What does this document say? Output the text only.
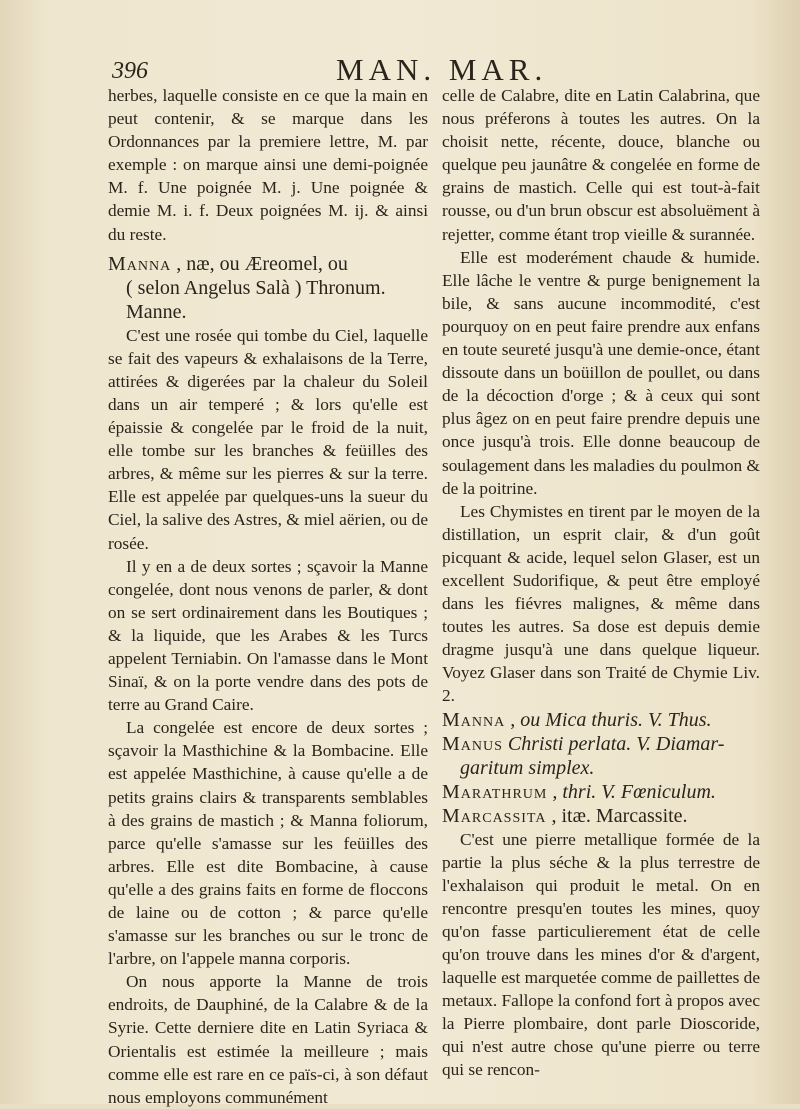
396	MAN. MAR.

herbes, laquelle consiste en ce que la main en peut contenir, & se marque dans les Ordonnances par la premiere lettre, M. par exemple : on marque ainsi une demi-poignée M. f. Une poignée M. j. Une poignée & demie M. i. f. Deux poignées M. ij. & ainsi du reste.

Manna , næ, ou Æreomel, ou

( selon Angelus Salà ) Thronum.

Manne.

C'est une rosée qui tombe du Ciel, laquelle se fait des vapeurs & exhalaisons de la Terre, attirées & digerées par la chaleur du Soleil dans un air temperé ; & lors qu'elle est épaissie & congelée par le froid de la nuit, elle tombe sur les branches & feüilles des arbres, & même sur les pierres & sur la terre. Elle est appelée par quelques-uns la sueur du Ciel, la salive des Astres, & miel aërien, ou de rosée.

Il y en a de deux sortes ; sçavoir la Manne congelée, dont nous venons de parler, & dont on se sert ordinairement dans les Boutiques ; & la liquide, que les Arabes & les Turcs appelent Terniabin. On l'amasse dans le Mont Sinaï, & on la porte vendre dans des pots de terre au Grand Caire.

La congelée est encore de deux sortes ; sçavoir la Masthichine & la Bombacine. Elle est appelée Masthichine, à cause qu'elle a de petits grains clairs & transparents semblables à des grains de mastich ; & Manna foliorum, parce qu'elle s'amasse sur les feüilles des arbres. Elle est dite Bombacine, à cause qu'elle a des grains faits en forme de floccons de laine ou de cotton ; & parce qu'elle s'amasse sur les branches ou sur le tronc de l'arbre, on l'appele manna corporis.

On nous apporte la Manne de trois endroits, de Dauphiné, de la Calabre & de la Syrie. Cette derniere dite en Latin Syriaca & Orientalis est estimée la meilleure ; mais comme elle est rare en ce païs-ci, à son défaut nous employons communément

celle de Calabre, dite en Latin Calabrina, que nous préferons à toutes les autres. On la choisit nette, récente, douce, blanche ou quelque peu jaunâtre & congelée en forme de grains de mastich. Celle qui est tout-à-fait rousse, ou d'un brun obscur est absoluëment à rejetter, comme étant trop vieille & surannée.

Elle est moderément chaude & humide. Elle lâche le ventre & purge benignement la bile, & sans aucune incommodité, c'est pourquoy on en peut faire prendre aux enfans en toute seureté jusqu'à une demie-once, étant dissoute dans un boüillon de poullet, ou dans de la décoction d'orge ; & à ceux qui sont plus âgez on en peut faire prendre depuis une once jusqu'à trois. Elle donne beaucoup de soulagement dans les maladies du poulmon & de la poitrine.

Les Chymistes en tirent par le moyen de la distillation, un esprit clair, & d'un goût picquant & acide, lequel selon Glaser, est un excellent Sudorifique, & peut être employé dans les fiévres malignes, & même dans toutes les autres. Sa dose est depuis demie dragme jusqu'à une dans quelque liqueur. Voyez Glaser dans son Traité de Chymie Liv. 2.

Manna , ou Mica thuris. V. Thus.

Manus Christi perlata. V. Diamar-

garitum simplex.

Marathrum , thri. V. Fœniculum.

Marcassita , itæ. Marcassite.

C'est une pierre metallique formée de la partie la plus séche & la plus terrestre de l'exhalaison qui produit le metal. On en rencontre presqu'en toutes les mines, quoy qu'on fasse particulierement état de celle qu'on trouve dans les mines d'or & d'argent, laquelle est marquetée comme de paillettes de metaux. Fallope la confond fort à propos avec la Pierre plombaire, dont parle Dioscoride, qui n'est autre chose qu'une pierre ou terre qui se rencon-
